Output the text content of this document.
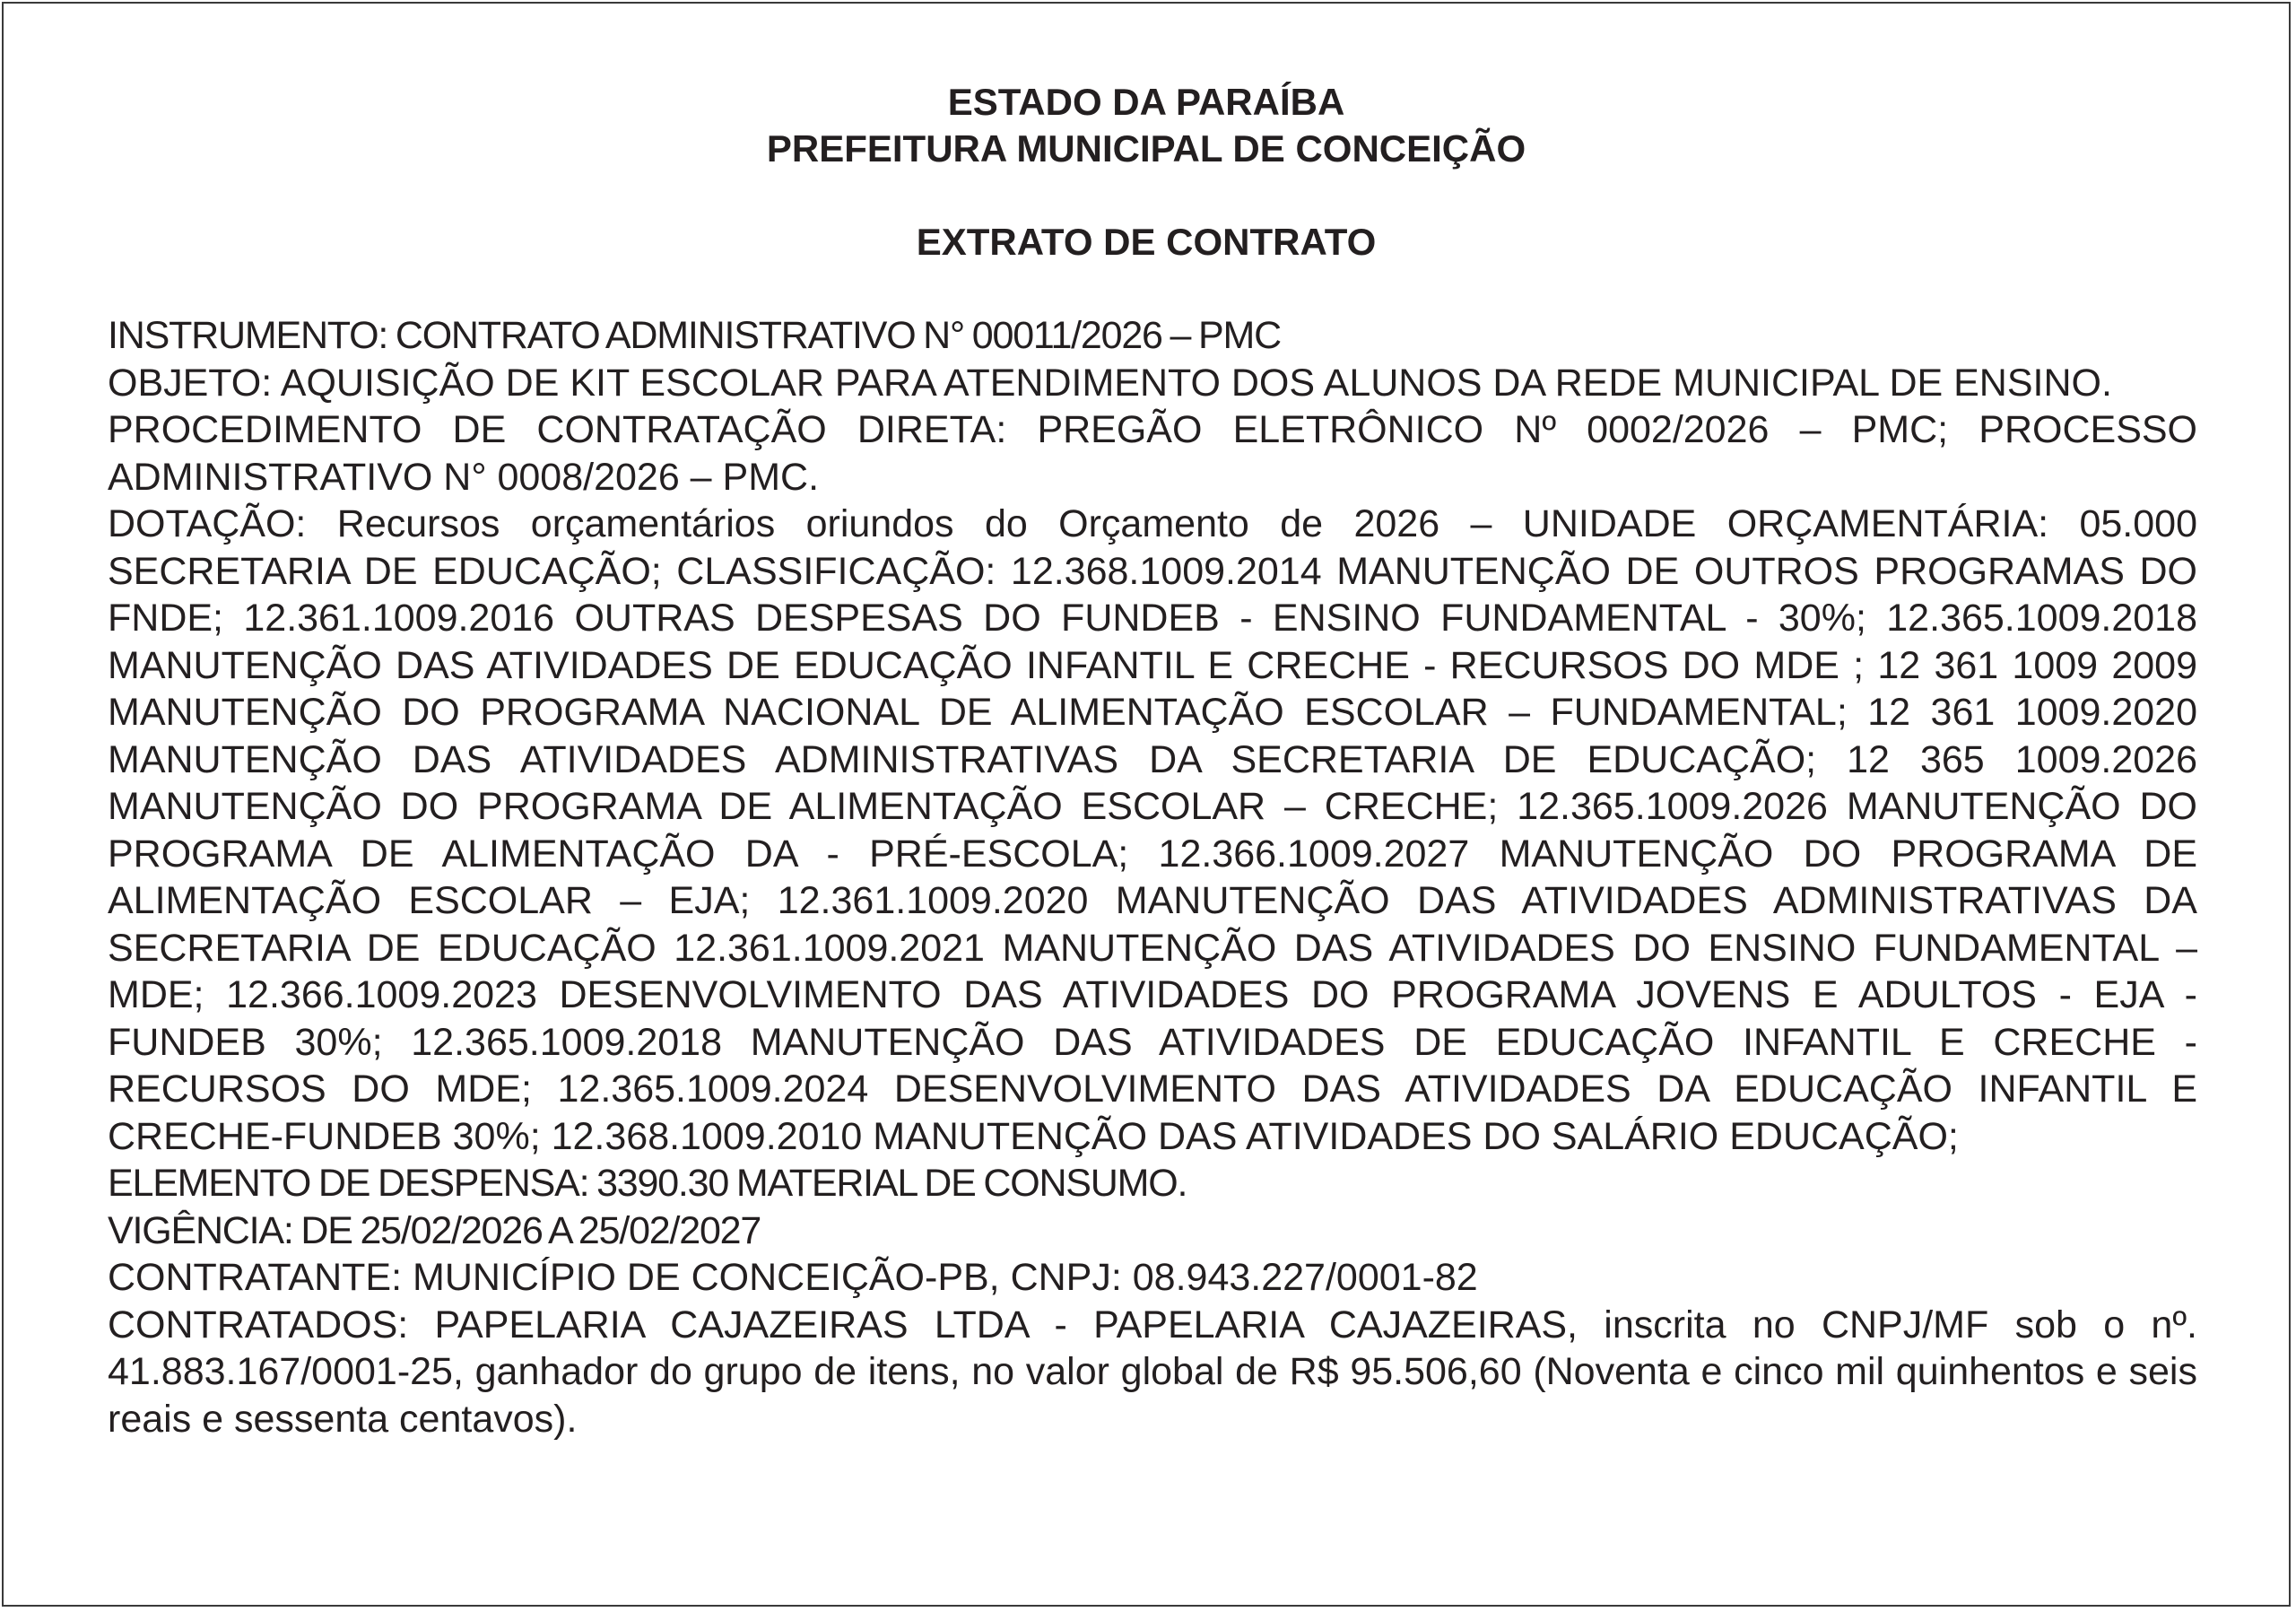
ESTADO DA PARAÍBA
PREFEITURA MUNICIPAL DE CONCEIÇÃO
EXTRATO DE CONTRATO

INSTRUMENTO: CONTRATO ADMINISTRATIVO N° 00011/2026 – PMC

OBJETO: AQUISIÇÃO DE KIT ESCOLAR PARA ATENDIMENTO DOS ALUNOS DA REDE MUNICIPAL DE ENSINO.

PROCEDIMENTO DE CONTRATAÇÃO DIRETA: PREGÃO ELETRÔNICO Nº 0002/2026 – PMC; PROCESSO ADMINISTRATIVO N° 0008/2026 – PMC.

DOTAÇÃO: Recursos orçamentários oriundos do Orçamento de 2026 – UNIDADE ORÇAMENTÁRIA: 05.000 SECRETARIA DE EDUCAÇÃO; CLASSIFICAÇÃO: 12.368.1009.2014 MANUTENÇÃO DE OUTROS PROGRAMAS DO FNDE; 12.361.1009.2016 OUTRAS DESPESAS DO FUNDEB - ENSINO FUNDAMENTAL - 30%; 12.365.1009.2018 MANUTENÇÃO DAS ATIVIDADES DE EDUCAÇÃO INFANTIL E CRECHE - RECURSOS DO MDE ; 12 361 1009 2009 MANUTENÇÃO DO PROGRAMA NACIONAL DE ALIMENTAÇÃO ESCOLAR – FUNDAMENTAL; 12 361 1009.2020 MANUTENÇÃO DAS ATIVIDADES ADMINISTRATIVAS DA SECRETARIA DE EDUCAÇÃO; 12 365 1009.2026 MANUTENÇÃO DO PROGRAMA DE ALIMENTAÇÃO ESCOLAR – CRECHE; 12.365.1009.2026 MANUTENÇÃO DO PROGRAMA DE ALIMENTAÇÃO DA - PRÉ-ESCOLA; 12.366.1009.2027 MANUTENÇÃO DO PROGRAMA DE ALIMENTAÇÃO ESCOLAR – EJA; 12.361.1009.2020 MANUTENÇÃO DAS ATIVIDADES ADMINISTRATIVAS DA SECRETARIA DE EDUCAÇÃO 12.361.1009.2021 MANUTENÇÃO DAS ATIVIDADES DO ENSINO FUNDAMENTAL – MDE; 12.366.1009.2023 DESENVOLVIMENTO DAS ATIVIDADES DO PROGRAMA JOVENS E ADULTOS - EJA - FUNDEB 30%; 12.365.1009.2018 MANUTENÇÃO DAS ATIVIDADES DE EDUCAÇÃO INFANTIL E CRECHE - RECURSOS DO MDE; 12.365.1009.2024 DESENVOLVIMENTO DAS ATIVIDADES DA EDUCAÇÃO INFANTIL E CRECHE-FUNDEB 30%; 12.368.1009.2010 MANUTENÇÃO DAS ATIVIDADES DO SALÁRIO EDUCAÇÃO;

ELEMENTO DE DESPENSA: 3390.30 MATERIAL DE CONSUMO.

VIGÊNCIA: DE 25/02/2026 A 25/02/2027

CONTRATANTE: MUNICÍPIO DE CONCEIÇÃO-PB, CNPJ: 08.943.227/0001-82

CONTRATADOS: PAPELARIA CAJAZEIRAS LTDA - PAPELARIA CAJAZEIRAS, inscrita no CNPJ/MF sob o nº. 41.883.167/0001-25, ganhador do grupo de itens, no valor global de R$ 95.506,60 (Noventa e cinco mil quinhentos e seis reais e sessenta centavos).
